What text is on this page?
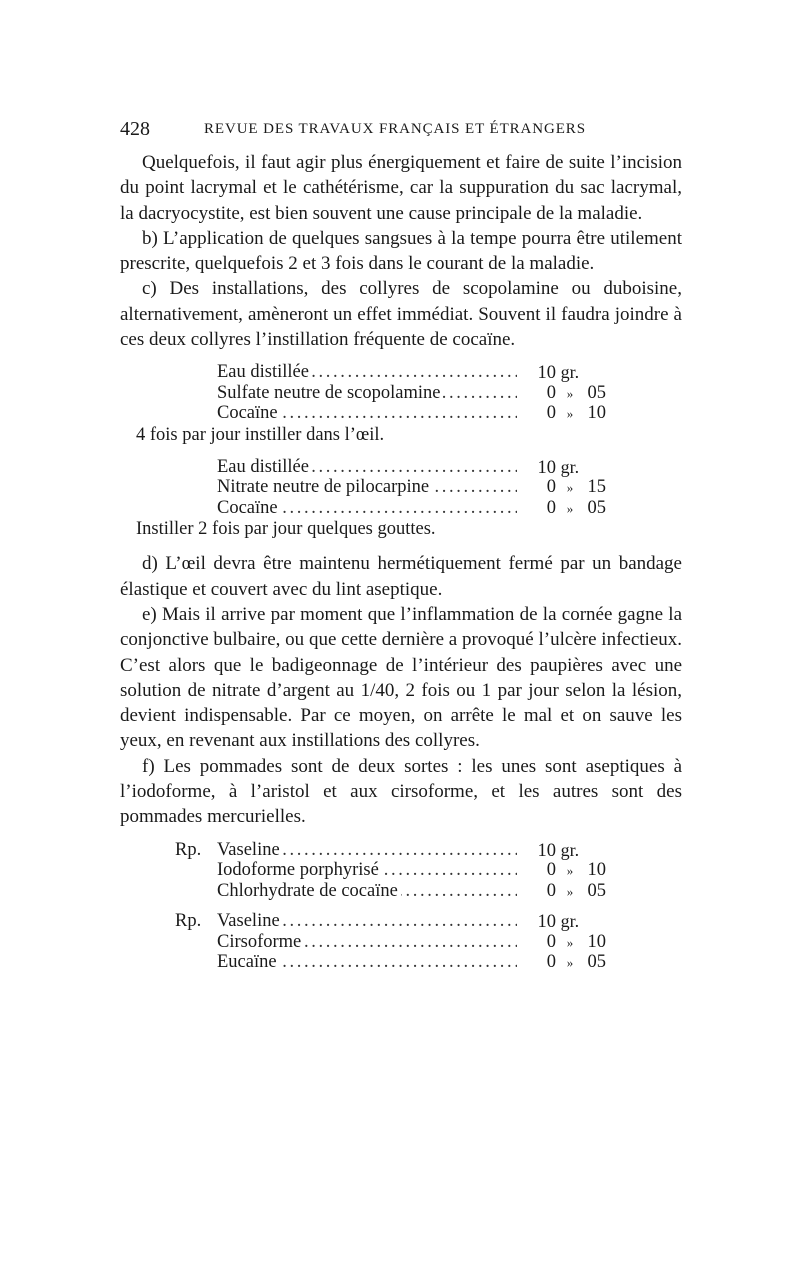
428	REVUE DES TRAVAUX FRANÇAIS ET ÉTRANGERS

Quelquefois, il faut agir plus énergiquement et faire de suite l’incision du point lacrymal et le cathétérisme, car la suppuration du sac lacrymal, la dacryocystite, est bien souvent une cause principale de la maladie.

b) L’application de quelques sangsues à la tempe pourra être utilement prescrite, quelquefois 2 et 3 fois dans le courant de la maladie.

c) Des installations, des collyres de scopolamine ou duboisine, alternativement, amèneront un effet immédiat. Souvent il faudra joindre à ces deux collyres l’instillation fréquente de cocaïne.

. . .
Eau distillée	10 gr.
. . .
Sulfate neutre de scopolamine	0 » 05
. . .
Cocaïne	0 » 10
4 fois par jour instiller dans l’œil.
. . .
Eau distillée	10 gr.
. . .
Nitrate neutre de pilocarpine	0 » 15
. . .
Cocaïne	0 » 05
Instiller 2 fois par jour quelques gouttes.

d) L’œil devra être maintenu hermétiquement fermé par un bandage élastique et couvert avec du lint aseptique.

e) Mais il arrive par moment que l’inflammation de la cornée gagne la conjonctive bulbaire, ou que cette dernière a provoqué l’ulcère infectieux. C’est alors que le badigeonnage de l’intérieur des paupières avec une solution de nitrate d’argent au 1/40, 2 fois ou 1 par jour selon la lésion, devient indispensable. Par ce moyen, on arrête le mal et on sauve les yeux, en revenant aux instillations des collyres.

f) Les pommades sont de deux sortes : les unes sont aseptiques à l’iodoforme, à l’aristol et aux cirsoforme, et les autres sont des pommades mercurielles.

Rp. . . . Vaseline	10 gr.
. . .
Iodoforme porphyrisé	0 » 10
. . .
Chlorhydrate de cocaïne	0 » 05
Rp. . . . Vaseline	10 gr.
. . .
Cirsoforme	0 » 10
. . .
Eucaïne	0 » 05
